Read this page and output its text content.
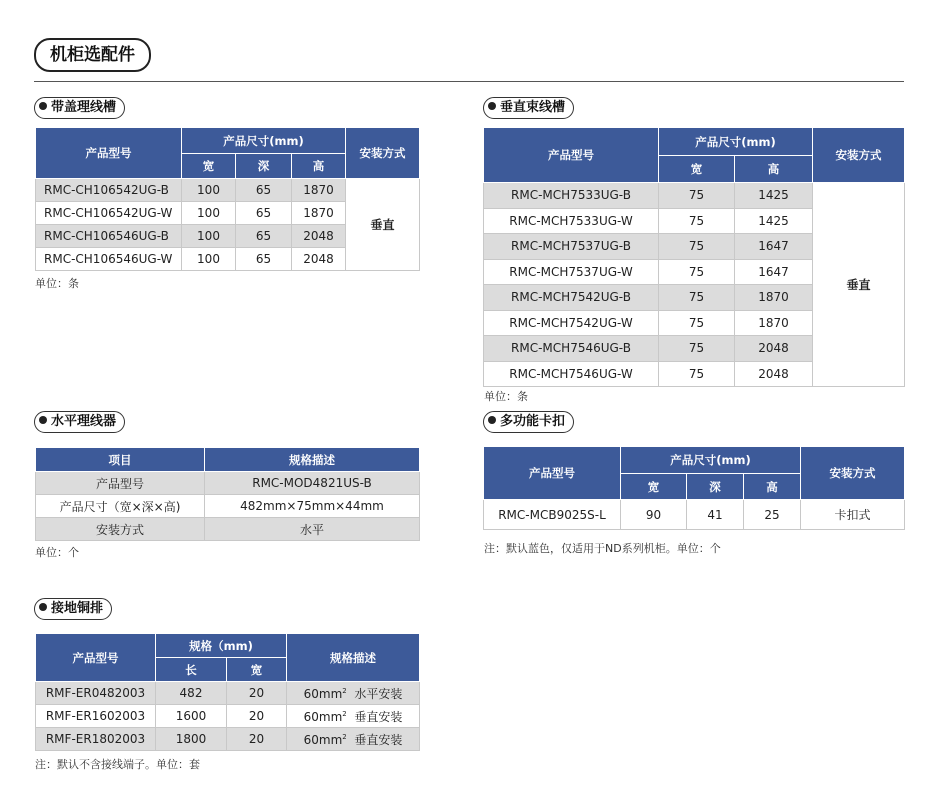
机柜选配件
带盖理线槽
产品型号	产品尺寸(mm)			安装方式
	宽	深	高	
RMC-CH106542UG-B	100	65	1870	垂直
RMC-CH106542UG-W	100	65	1870	
RMC-CH106546UG-B	100	65	2048	
RMC-CH106546UG-W	100	65	2048	
单位：条
垂直束线槽
产品型号	产品尺寸(mm)		安装方式
	宽	高	
RMC-MCH7533UG-B	75	1425	垂直
RMC-MCH7533UG-W	75	1425	
RMC-MCH7537UG-B	75	1647	
RMC-MCH7537UG-W	75	1647	
RMC-MCH7542UG-B	75	1870	
RMC-MCH7542UG-W	75	1870	
RMC-MCH7546UG-B	75	2048	
RMC-MCH7546UG-W	75	2048	
单位：条
水平理线器
项目	规格描述
产品型号	RMC-MOD4821US-B
产品尺寸（宽×深×高)	482mm×75mm×44mm
安装方式	水平
单位：个
多功能卡扣
产品型号	产品尺寸(mm)			安装方式
	宽	深	高	
RMC-MCB9025S-L	90	41	25	卡扣式
注：默认蓝色，仅适用于ND系列机柜。单位：个
接地铜排
产品型号	规格（mm)		规格描述
	长	宽	
RMF-ER0482003	482	20	$60mm^2$ 水平安装
RMF-ER1602003	1600	20	$60mm^2$ 垂直安装
RMF-ER1802003	1800	20	$60mm^2$ 垂直安装
注：默认不含接线端子。单位：套
